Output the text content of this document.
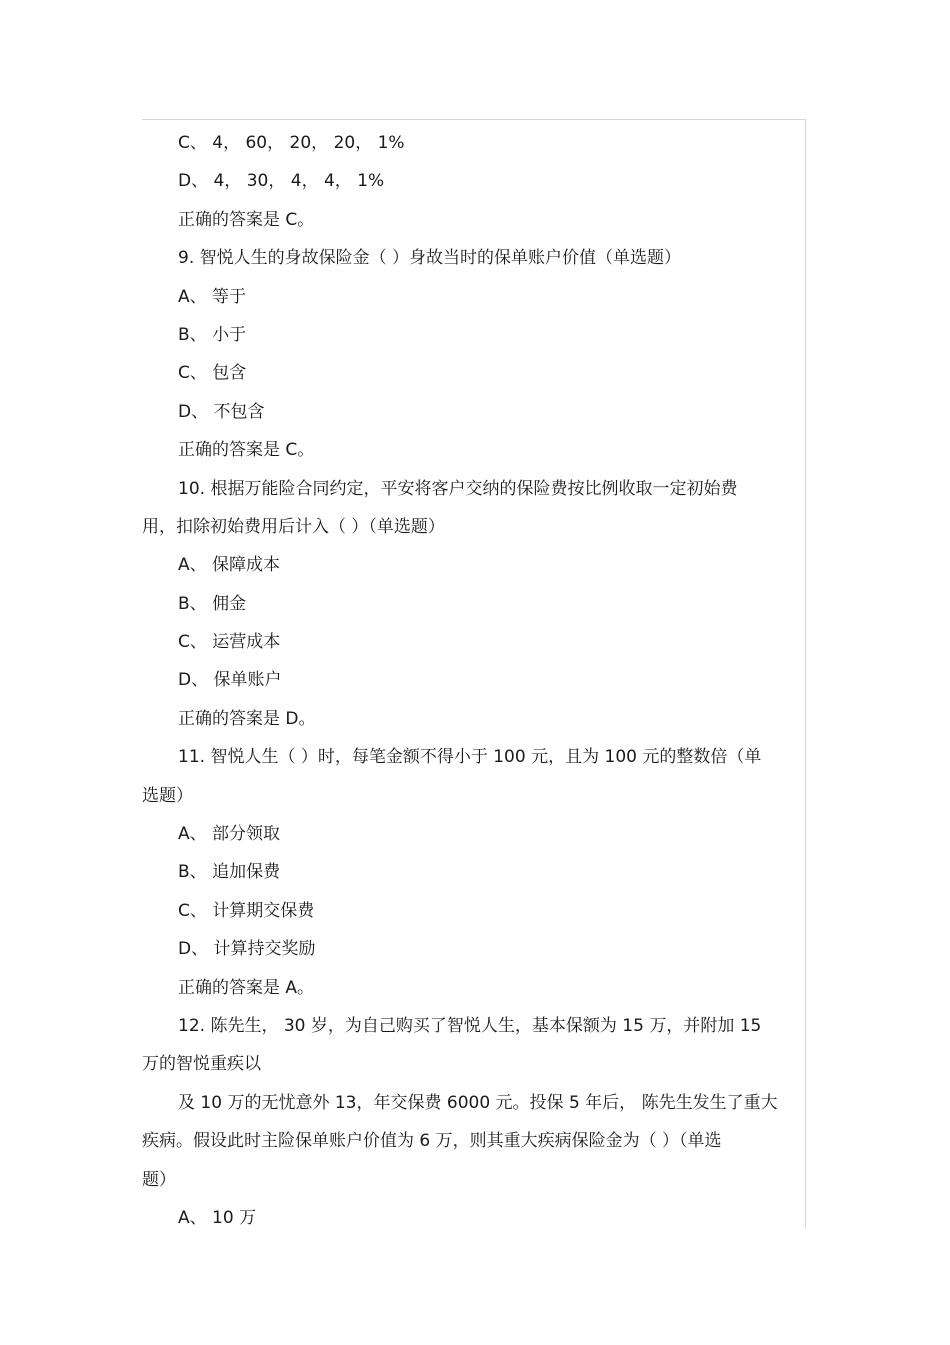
C、 4， 60， 20， 20， 1%

D、 4， 30， 4， 4， 1%

正确的答案是 C。

9. 智悦人生的身故保险金（ ）身故当时的保单账户价值（单选题）

A、 等于

B、 小于

C、 包含

D、 不包含

正确的答案是 C。

10. 根据万能险合同约定，平安将客户交纳的保险费按比例收取一定初始费

用，扣除初始费用后计入（ ）（单选题）

A、 保障成本

B、 佣金

C、 运营成本

D、 保单账户

正确的答案是 D。

11. 智悦人生（ ）时，每笔金额不得小于 100 元，且为 100 元的整数倍（单

选题）

A、 部分领取

B、 追加保费

C、 计算期交保费

D、 计算持交奖励

正确的答案是 A。

12. 陈先生， 30 岁，为自己购买了智悦人生，基本保额为 15 万，并附加 15

万的智悦重疾以

及 10 万的无忧意外 13，年交保费 6000 元。投保 5 年后， 陈先生发生了重大

疾病。假设此时主险保单账户价值为 6 万，则其重大疾病保险金为（ ）（单选

题）

A、 10 万
